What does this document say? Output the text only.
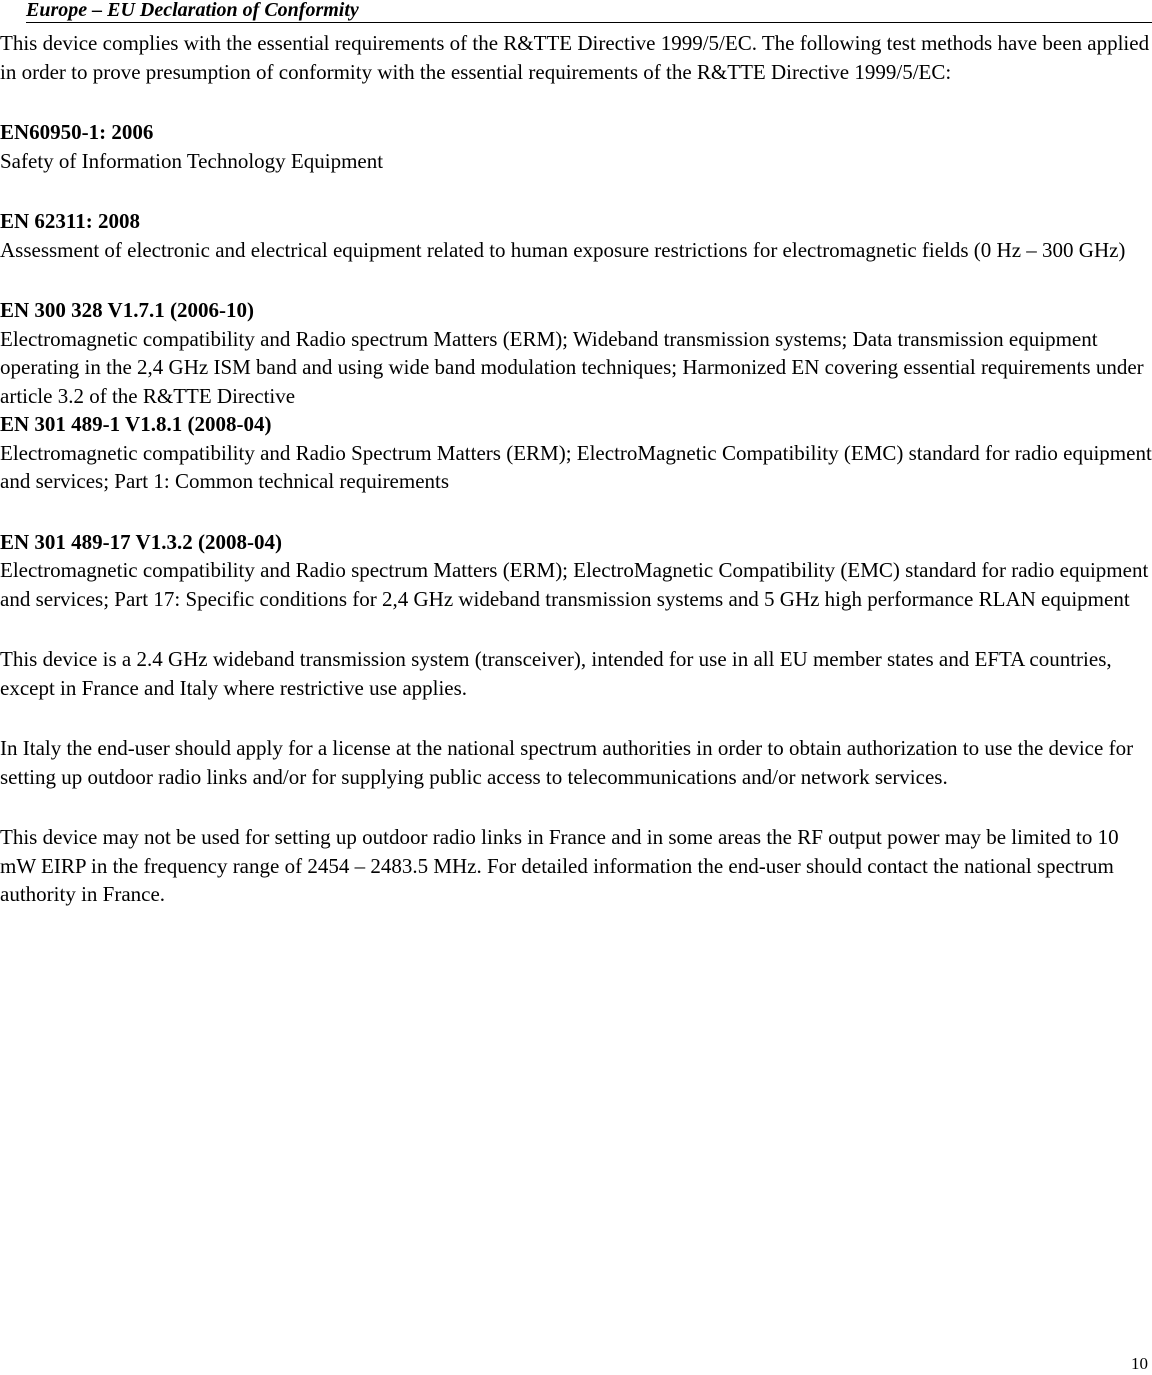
Europe – EU Declaration of Conformity

This device complies with the essential requirements of the R&TTE Directive 1999/5/EC. The following test methods have been applied in order to prove presumption of conformity with the essential requirements of the R&TTE Directive 1999/5/EC:

EN60950-1: 2006

Safety of Information Technology Equipment

EN 62311: 2008

Assessment of electronic and electrical equipment related to human exposure restrictions for electromagnetic fields (0 Hz – 300 GHz)

EN 300 328 V1.7.1 (2006-10)

Electromagnetic compatibility and Radio spectrum Matters (ERM); Wideband transmission systems; Data transmission equipment operating in the 2,4 GHz ISM band and using wide band modulation techniques; Harmonized EN covering essential requirements under article 3.2 of the R&TTE Directive

EN 301 489-1 V1.8.1 (2008-04)

Electromagnetic compatibility and Radio Spectrum Matters (ERM); ElectroMagnetic Compatibility (EMC) standard for radio equipment and services; Part 1: Common technical requirements

EN 301 489-17 V1.3.2 (2008-04)

Electromagnetic compatibility and Radio spectrum Matters (ERM); ElectroMagnetic Compatibility (EMC) standard for radio equipment and services; Part 17: Specific conditions for 2,4 GHz wideband transmission systems and 5 GHz high performance RLAN equipment

This device is a 2.4 GHz wideband transmission system (transceiver), intended for use in all EU member states and EFTA countries, except in France and Italy where restrictive use applies.

In Italy the end-user should apply for a license at the national spectrum authorities in order to obtain authorization to use the device for setting up outdoor radio links and/or for supplying public access to telecommunications and/or network services.

This device may not be used for setting up outdoor radio links in France and in some areas the RF output power may be limited to 10 mW EIRP in the frequency range of 2454 – 2483.5 MHz. For detailed information the end-user should contact the national spectrum authority in France.

10
